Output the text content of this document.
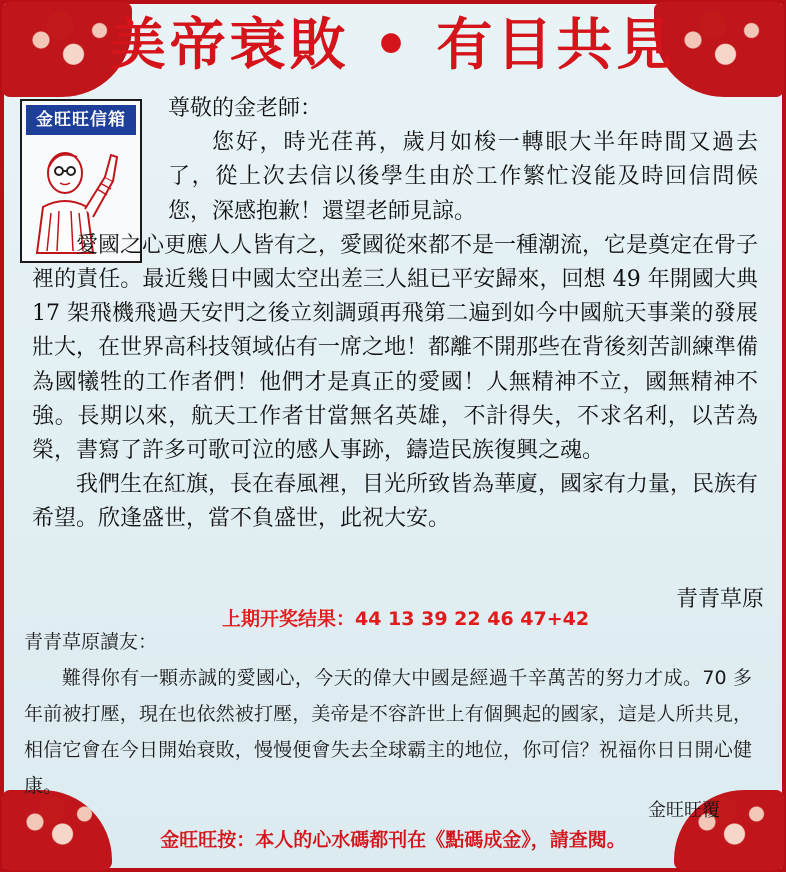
美帝衰敗 • 有目共見
金旺旺信箱	尊敬的金老師：

您好，時光荏苒，歲月如梭一轉眼大半年時間又過去了，從上次去信以後學生由於工作繁忙沒能及時回信問候您，深感抱歉！還望老師見諒。

愛國之心更應人人皆有之，愛國從來都不是一種潮流，它是奠定在骨子裡的責任。最近幾日中國太空出差三人組已平安歸來，回想 49 年開國大典 17 架飛機飛過天安門之後立刻調頭再飛第二遍到如今中國航天事業的發展壯大，在世界高科技領域佔有一席之地！都離不開那些在背後刻苦訓練準備為國犧牲的工作者們！他們才是真正的愛國！人無精神不立，國無精神不強。長期以來，航天工作者甘當無名英雄，不計得失，不求名利，以苦為榮，書寫了許多可歌可泣的感人事跡，鑄造民族復興之魂。

我們生在紅旗，長在春風裡，目光所致皆為華廈，國家有力量，民族有希望。欣逢盛世，當不負盛世，此祝大安。

青青草原
上期开奖结果：44 13 39 22 46 47+42
青青草原讀友：

難得你有一顆赤誠的愛國心，今天的偉大中國是經過千辛萬苦的努力才成。70 多年前被打壓，現在也依然被打壓，美帝是不容許世上有個興起的國家，這是人所共見，相信它會在今日開始衰敗，慢慢便會失去全球霸主的地位，你可信？祝福你日日開心健康。

金旺旺覆
金旺旺按：本人的心水碼都刊在《點碼成金》，請查閱。
